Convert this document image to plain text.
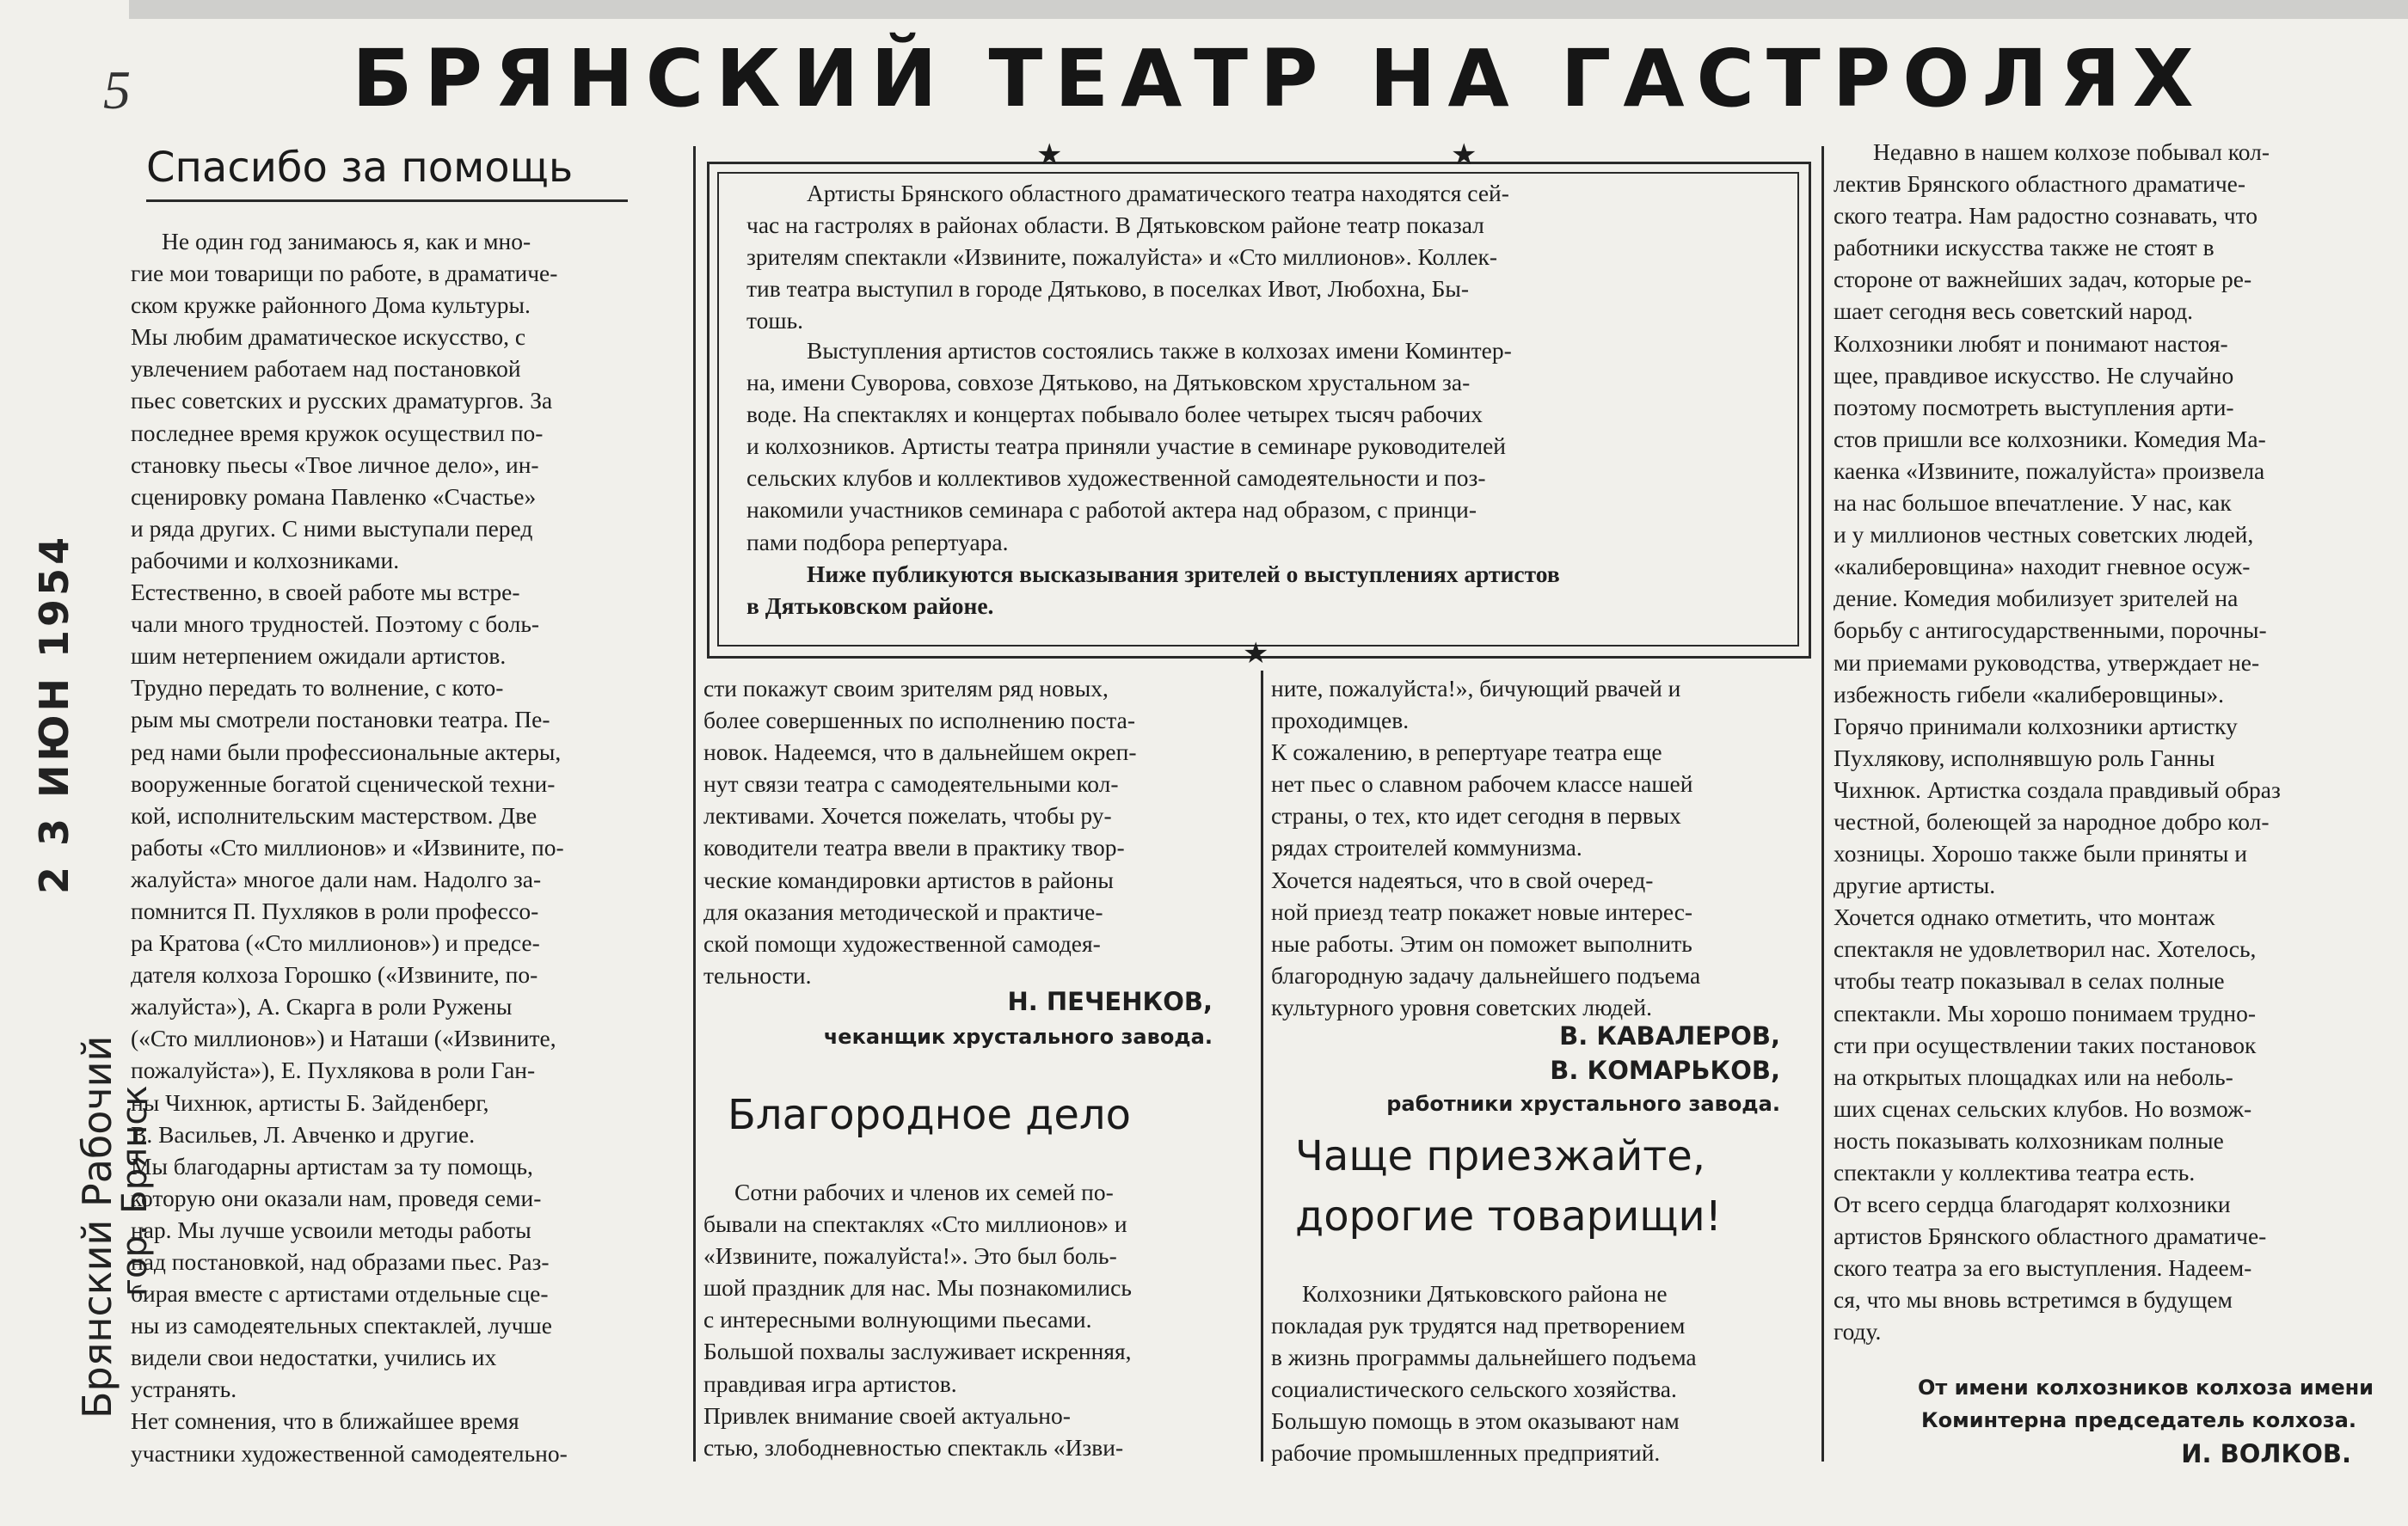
5	БРЯНСКИЙ ТЕАТР НА ГАСТРОЛЯХ
Брянский Рабочий
2 3 ИЮН 1954
гор. Брянск
★	★
★

Артисты Брянского областного драматического театра находятся сей-
час на гастролях в районах области. В Дятьковском районе театр показал
зрителям спектакли «Извините, пожалуйста» и «Сто миллионов». Коллек-
тив театра выступил в городе Дятьково, в поселках Ивот, Любохна, Бы-
тошь.

Выступления артистов состоялись также в колхозах имени Коминтер-
на, имени Суворова, совхозе Дятьково, на Дятьковском хрустальном за-
воде. На спектаклях и концертах побывало более четырех тысяч рабочих
и колхозников. Артисты театра приняли участие в семинаре руководителей
сельских клубов и коллективов художественной самодеятельности и поз-
накомили участников семинара с работой актера над образом, с принци-
пами подбора репертуара.

Ниже публикуются высказывания зрителей о выступлениях артистов
в Дятьковском районе.

Спасибо за помощь

Не один год занимаюсь я, как и мно-
гие мои товарищи по работе, в драматиче-
ском кружке районного Дома культуры.
Мы любим драматическое искусство, с
увлечением работаем над постановкой
пьес советских и русских драматургов. За
последнее время кружок осуществил по-
становку пьесы «Твое личное дело», ин-
сценировку романа Павленко «Счастье»
и ряда других. С ними выступали перед
рабочими и колхозниками.
Естественно, в своей работе мы встре-
чали много трудностей. Поэтому с боль-
шим нетерпением ожидали артистов.
Трудно передать то волнение, с кото-
рым мы смотрели постановки театра. Пе-
ред нами были профессиональные актеры,
вооруженные богатой сценической техни-
кой, исполнительским мастерством. Две
работы «Сто миллионов» и «Извините, по-
жалуйста» многое дали нам. Надолго за-
помнится П. Пухляков в роли профессо-
ра Кратова («Сто миллионов») и предсе-
дателя колхоза Горошко («Извините, по-
жалуйста»), А. Скарга в роли Ружены
(«Сто миллионов») и Наташи («Извините,
пожалуйста»), Е. Пухлякова в роли Ган-
ны Чихнюк, артисты Б. Зайденберг,
В. Васильев, Л. Авченко и другие.
Мы благодарны артистам за ту помощь,
которую они оказали нам, проведя семи-
нар. Мы лучше усвоили методы работы
над постановкой, над образами пьес. Раз-
бирая вместе с артистами отдельные сце-
ны из самодеятельных спектаклей, лучше
видели свои недостатки, учились их
устранять.
Нет сомнения, что в ближайшее время
участники художественной самодеятельно-

сти покажут своим зрителям ряд новых,
более совершенных по исполнению поста-
новок. Надеемся, что в дальнейшем окреп-
нут связи театра с самодеятельными кол-
лективами. Хочется пожелать, чтобы ру-
ководители театра ввели в практику твор-
ческие командировки артистов в районы
для оказания методической и практиче-
ской помощи художественной самодея-
тельности.

Н. ПЕЧЕНКОВ,
чеканщик хрустального завода.
Благородное дело

Сотни рабочих и членов их семей по-
бывали на спектаклях «Сто миллионов» и
«Извините, пожалуйста!». Это был боль-
шой праздник для нас. Мы познакомились
с интересными волнующими пьесами.
Большой похвалы заслуживает искренняя,
правдивая игра артистов.
Привлек внимание своей актуально-
стью, злободневностью спектакль «Изви-

ните, пожалуйста!», бичующий рвачей и
проходимцев.
К сожалению, в репертуаре театра еще
нет пьес о славном рабочем классе нашей
страны, о тех, кто идет сегодня в первых
рядах строителей коммунизма.
Хочется надеяться, что в свой очеред-
ной приезд театр покажет новые интерес-
ные работы. Этим он поможет выполнить
благородную задачу дальнейшего подъема
культурного уровня советских людей.

В. КАВАЛЕРОВ,
В. КОМАРЬКОВ,
работники хрустального завода.
Чаще приезжайте,
дорогие товарищи!

Колхозники Дятьковского района не
покладая рук трудятся над претворением
в жизнь программы дальнейшего подъема
социалистического сельского хозяйства.
Большую помощь в этом оказывают нам
рабочие промышленных предприятий.

Недавно в нашем колхозе побывал кол-
лектив Брянского областного драматиче-
ского театра. Нам радостно сознавать, что
работники искусства также не стоят в
стороне от важнейших задач, которые ре-
шает сегодня весь советский народ.
Колхозники любят и понимают настоя-
щее, правдивое искусство. Не случайно
поэтому посмотреть выступления арти-
стов пришли все колхозники. Комедия Ма-
каенка «Извините, пожалуйста» произвела
на нас большое впечатление. У нас, как
и у миллионов честных советских людей,
«калиберовщина» находит гневное осуж-
дение. Комедия мобилизует зрителей на
борьбу с антигосударственными, порочны-
ми приемами руководства, утверждает не-
избежность гибели «калиберовщины».
Горячо принимали колхозники артистку
Пухлякову, исполнявшую роль Ганны
Чихнюк. Артистка создала правдивый образ
честной, болеющей за народное добро кол-
хозницы. Хорошо также были приняты и
другие артисты.
Хочется однако отметить, что монтаж
спектакля не удовлетворил нас. Хотелось,
чтобы театр показывал в селах полные
спектакли. Мы хорошо понимаем трудно-
сти при осуществлении таких постановок
на открытых площадках или на неболь-
ших сценах сельских клубов. Но возмож-
ность показывать колхозникам полные
спектакли у коллектива театра есть.
От всего сердца благодарят колхозники
артистов Брянского областного драматиче-
ского театра за его выступления. Надеем-
ся, что мы вновь встретимся в будущем
году.

От имени колхозников колхоза имени
Коминтерна председатель колхоза.
И. ВОЛКОВ.
